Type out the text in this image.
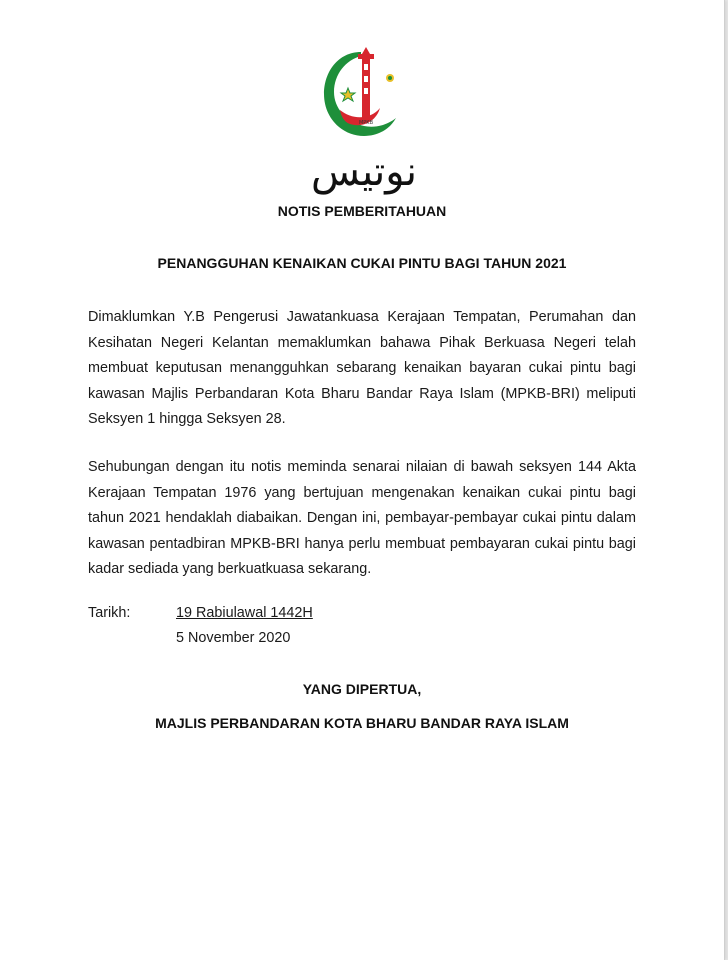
MPKB
نوتيس

NOTIS PEMBERITAHUAN

PENANGGUHAN KENAIKAN CUKAI PINTU BAGI TAHUN 2021

Dimaklumkan Y.B Pengerusi Jawatankuasa Kerajaan Tempatan, Perumahan dan Kesihatan Negeri Kelantan memaklumkan bahawa Pihak Berkuasa Negeri telah membuat keputusan menangguhkan sebarang kenaikan bayaran cukai pintu bagi kawasan Majlis Perbandaran Kota Bharu Bandar Raya Islam (MPKB-BRI) meliputi Seksyen 1 hingga Seksyen 28.

Sehubungan dengan itu notis meminda senarai nilaian di bawah seksyen 144 Akta Kerajaan Tempatan 1976 yang bertujuan mengenakan kenaikan cukai pintu bagi tahun 2021 hendaklah diabaikan. Dengan ini, pembayar-pembayar cukai pintu dalam kawasan pentadbiran MPKB-BRI hanya perlu membuat pembayaran cukai pintu bagi kadar sediada yang berkuatkuasa sekarang.

Tarikh:	19 Rabiulawal 1442H
5 November 2020

YANG DIPERTUA,

MAJLIS PERBANDARAN KOTA BHARU BANDAR RAYA ISLAM
